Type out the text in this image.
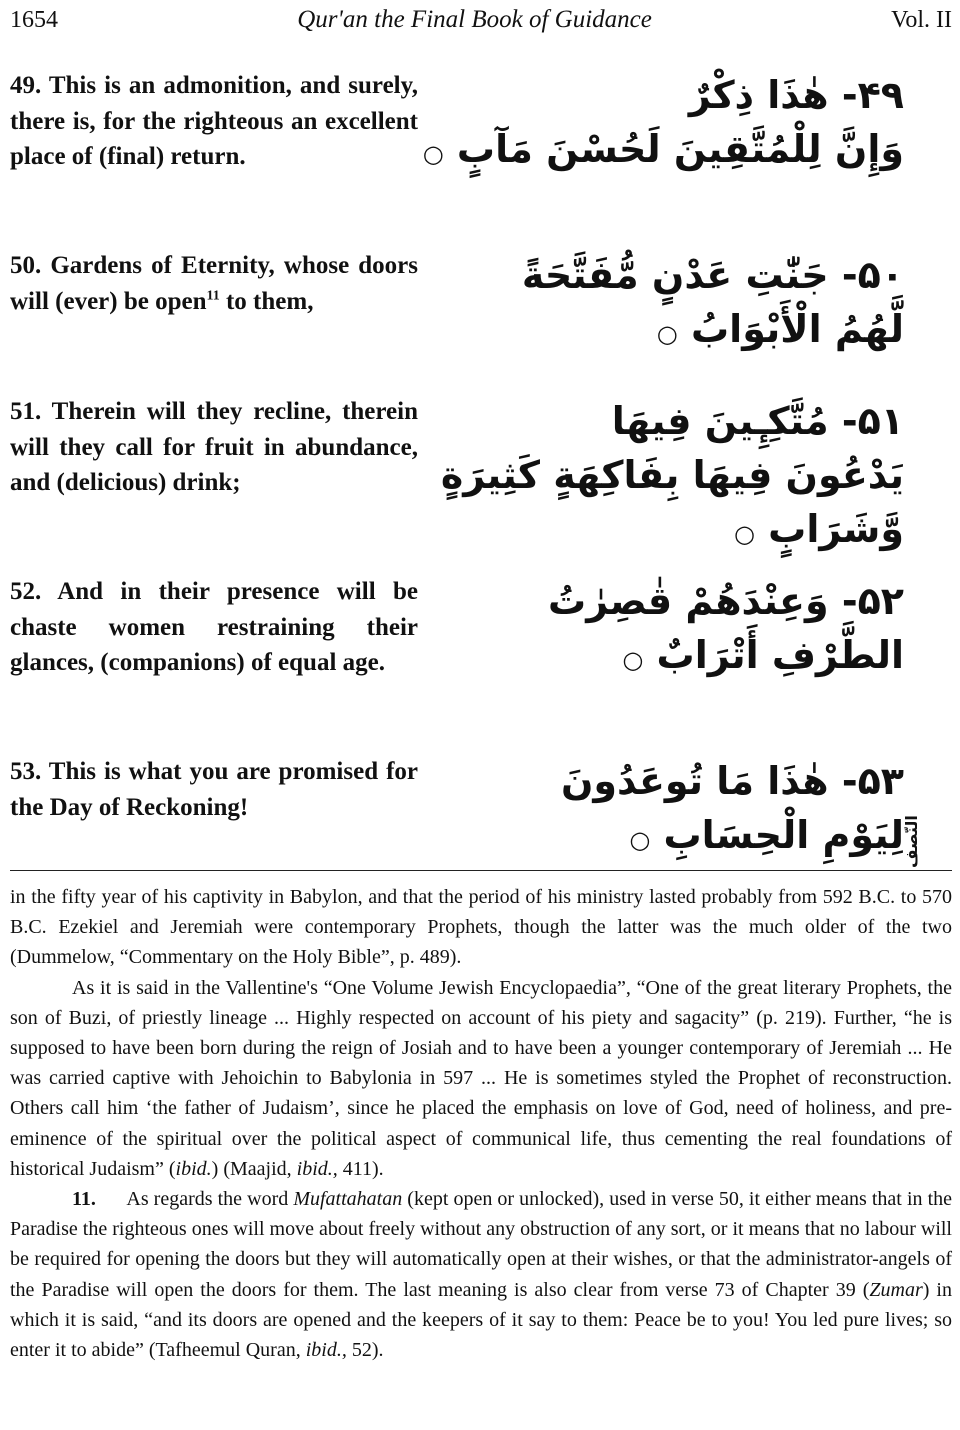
1654	Qur'an the Final Book of Guidance	Vol. II
49. This is an admonition, and surely, there is, for the righteous an excellent place of (final) return.
۴۹- هٰذَا ذِكْرٌ
وَإِنَّ لِلْمُتَّقِينَ لَحُسْنَ مَآبٍ ○
50. Gardens of Eternity, whose doors will (ever) be open$^{11}$ to them,
۵۰- جَنّٰتِ عَدْنٍ مُّفَتَّحَةً
لَّهُمُ الْأَبْوَابُ ○
51. Therein will they recline, therein will they call for fruit in abundance, and (delicious) drink;
۵۱- مُتَّكِـِٕينَ فِيهَا
يَدْعُونَ فِيهَا بِفَاكِهَةٍ كَثِيرَةٍ
وَّشَرَابٍ ○
52. And in their presence will be chaste women restraining their glances, (companions) of equal age.
۵۲- وَعِنْدَهُمْ قٰصِرٰتُ
الطَّرْفِ أَتْرَابٌ ○
53. This is what you are promised for the Day of Reckoning!
۵۳- هٰذَا مَا تُوعَدُونَ
لِيَوْمِ الْحِسَابِ ○	النّصف

in the fifty year of his captivity in Babylon, and that the period of his ministry lasted probably from 592 B.C. to 570 B.C. Ezekiel and Jeremiah were contemporary Prophets, though the latter was the much older of the two (Dummelow, “Commentary on the Holy Bible”, p. 489).

As it is said in the Vallentine's “One Volume Jewish Encyclopaedia”, “One of the great literary Prophets, the son of Buzi, of priestly lineage ... Highly respected on account of his piety and sagacity” (p. 219). Further, “he is supposed to have been born during the reign of Josiah and to have been a younger contemporary of Jeremiah ... He was carried captive with Jehoichin to Babylonia in 597 ... He is sometimes styled the Prophet of reconstruction. Others call him ‘the father of Judaism’, since he placed the emphasis on love of God, need of holiness, and pre-eminence of the spiritual over the political aspect of communical life, thus cementing the real foundations of historical Judaism” (ibid.) (Maajid, ibid., 411).

11. As regards the word Mufattahatan (kept open or unlocked), used in verse 50, it either means that in the Paradise the righteous ones will move about freely without any obstruction of any sort, or it means that no labour will be required for opening the doors but they will automatically open at their wishes, or that the administrator-angels of the Paradise will open the doors for them. The last meaning is also clear from verse 73 of Chapter 39 (Zumar) in which it is said, “and its doors are opened and the keepers of it say to them: Peace be to you! You led pure lives; so enter it to abide” (Tafheemul Quran, ibid., 52).
